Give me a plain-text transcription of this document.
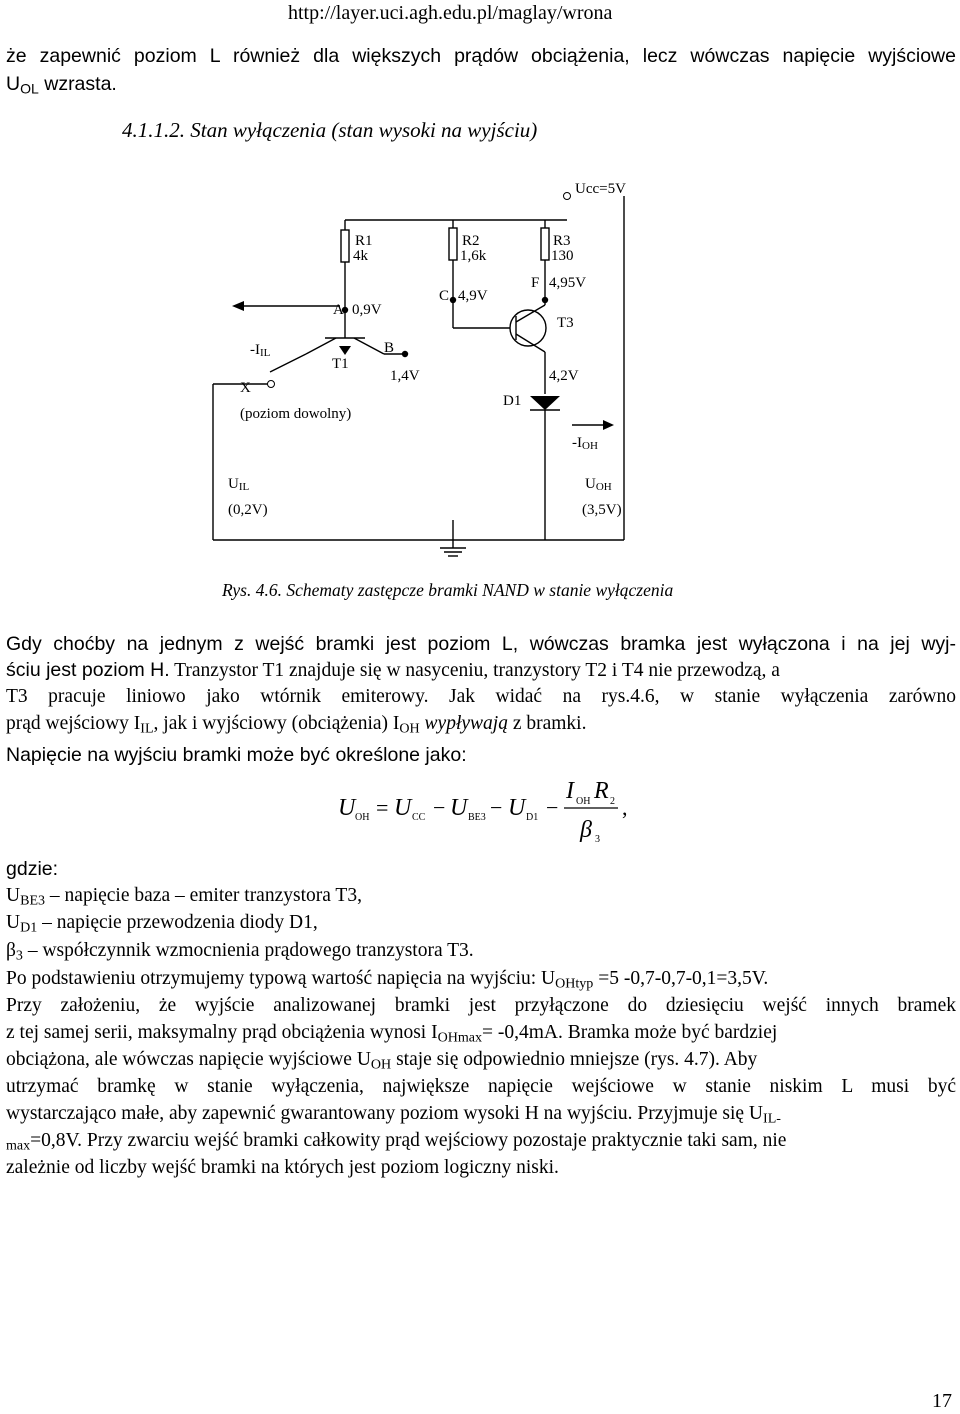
http://layer.uci.agh.edu.pl/maglay/wrona
że zapewnić poziom L również dla większych prądów obciążenia, lecz wówczas napięcie wyjściowe
$U_{OL}$ wzrasta.
4.1.1.2. Stan wyłączenia (stan wysoki na wyjściu)
Ucc=5V
R1
4k
R2
1,6k
R3
130
A 0,9V
C 4,9V
F 4,95V
T3
T1
B
1,4V
-IIL
X
(poziom dowolny)
D1
4,2V
-IOH
UIL
(0,2V)
UOH
(3,5V)
Rys. 4.6. Schematy zastępcze bramki NAND w stanie wyłączenia
Gdy choćby na jednym z wejść bramki jest poziom L, wówczas bramka jest wyłączona i na jej wyj-
ściu jest poziom H. Tranzystor T1 znajduje się w nasyceniu, tranzystory T2 i T4 nie przewodzą, a
T3 pracuje liniowo jako wtórnik emiterowy. Jak widać na rys.4.6, w stanie wyłączenia zarówno
prąd wejściowy $I_{IL}$, jak i wyjściowy (obciążenia) $I_{OH}$ wypływają z bramki.
Napięcie na wyjściu bramki może być określone jako:
U OH = U CC − U BE3 − U D1 −
I OH R 2
β 3
,
gdzie:
$U_{BE3}$ – napięcie baza – emiter tranzystora T3,
$U_{D1}$ – napięcie przewodzenia diody D1,
$\beta_3$ – współczynnik wzmocnienia prądowego tranzystora T3.
Po podstawieniu otrzymujemy typową wartość napięcia na wyjściu: $U_{OHtyp} =5$ -0,7-0,7-0,1=3,5V.
Przy założeniu, że wyjście analizowanej bramki jest przyłączone do dziesięciu wejść innych bramek
z tej samej serii, maksymalny prąd obciążenia wynosi $I_{OHmax}= -0,4mA$. Bramka może być bardziej
obciążona, ale wówczas napięcie wyjściowe $U_{OH}$ staje się odpowiednio mniejsze (rys. 4.7). Aby
utrzymać bramkę w stanie wyłączenia, największe napięcie wejściowe w stanie niskim L musi być
wystarczająco małe, aby zapewnić gwarantowany poziom wysoki H na wyjściu. Przyjmuje się $U_{IL-}$
$_{max}$=0,8V. Przy zwarciu wejść bramki całkowity prąd wejściowy pozostaje praktycznie taki sam, nie
zależnie od liczby wejść bramki na których jest poziom logiczny niski.
17
